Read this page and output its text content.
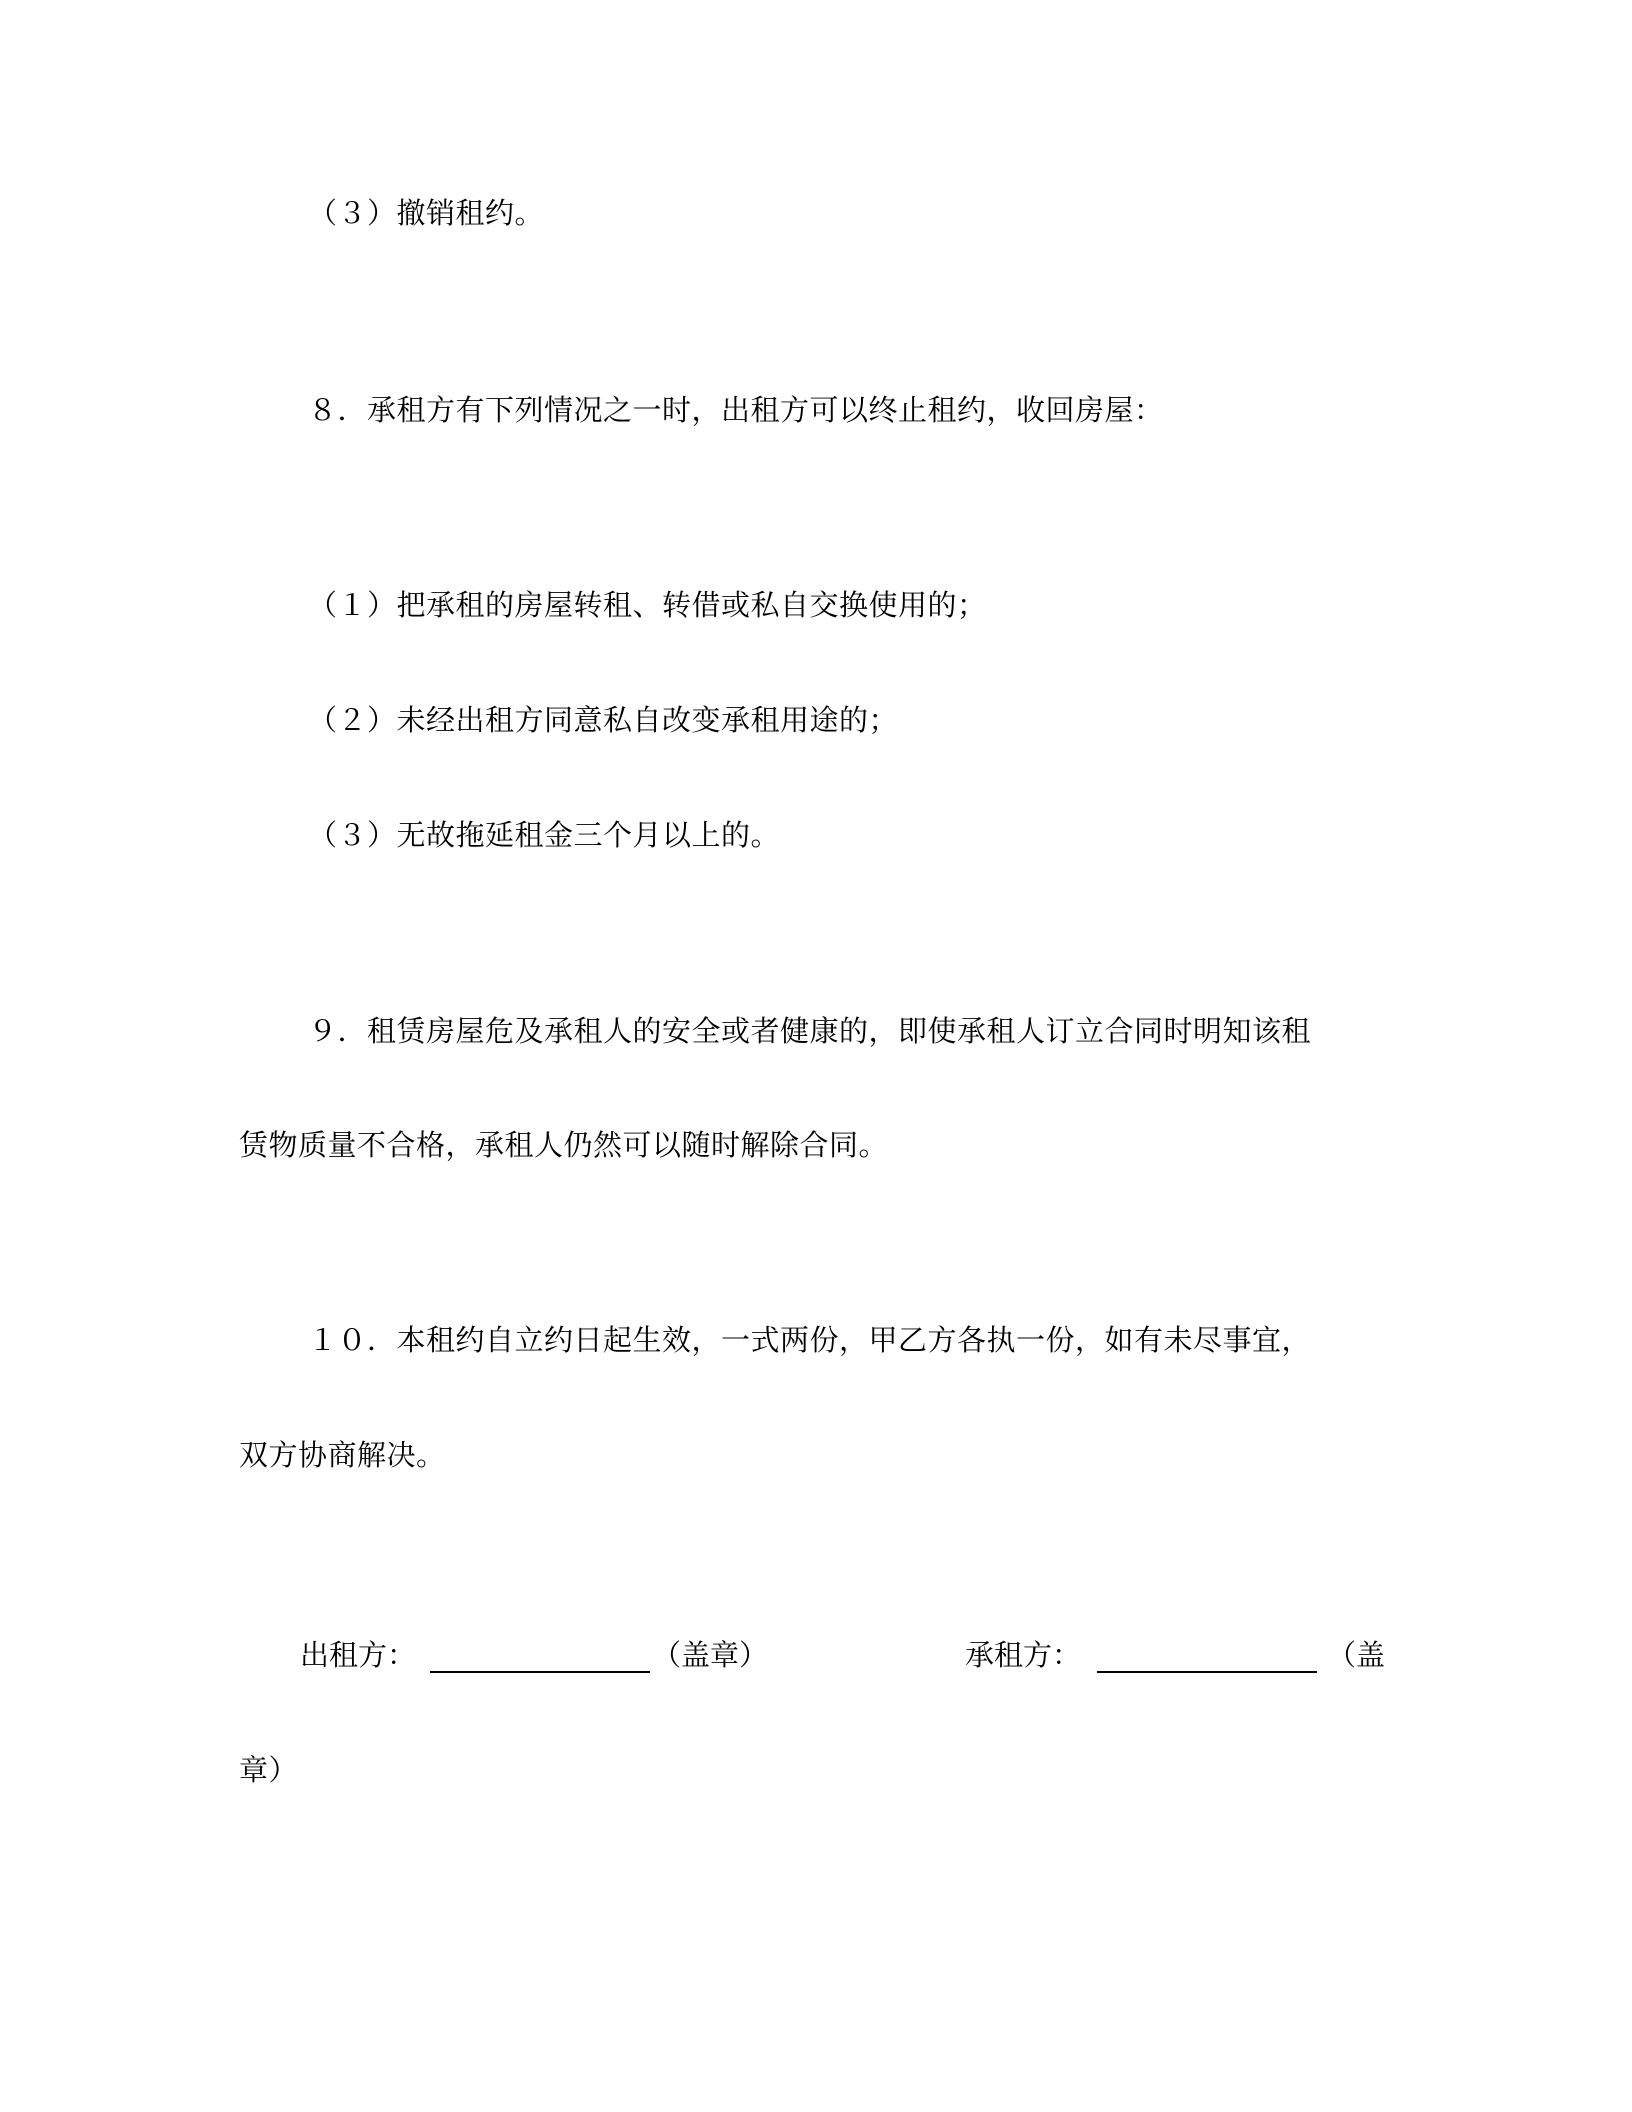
（３）撤销租约。
８．承租方有下列情况之一时，出租方可以终止租约，收回房屋：
（１）把承租的房屋转租、转借或私自交换使用的；
（２）未经出租方同意私自改变承租用途的；
（３）无故拖延租金三个月以上的。
９．租赁房屋危及承租人的安全或者健康的，即使承租人订立合同时明知该租
赁物质量不合格，承租人仍然可以随时解除合同。
１０．本租约自立约日起生效，一式两份，甲乙方各执一份，如有未尽事宜，
双方协商解决。
出租方：	（盖章）	承租方：	（盖
章）
